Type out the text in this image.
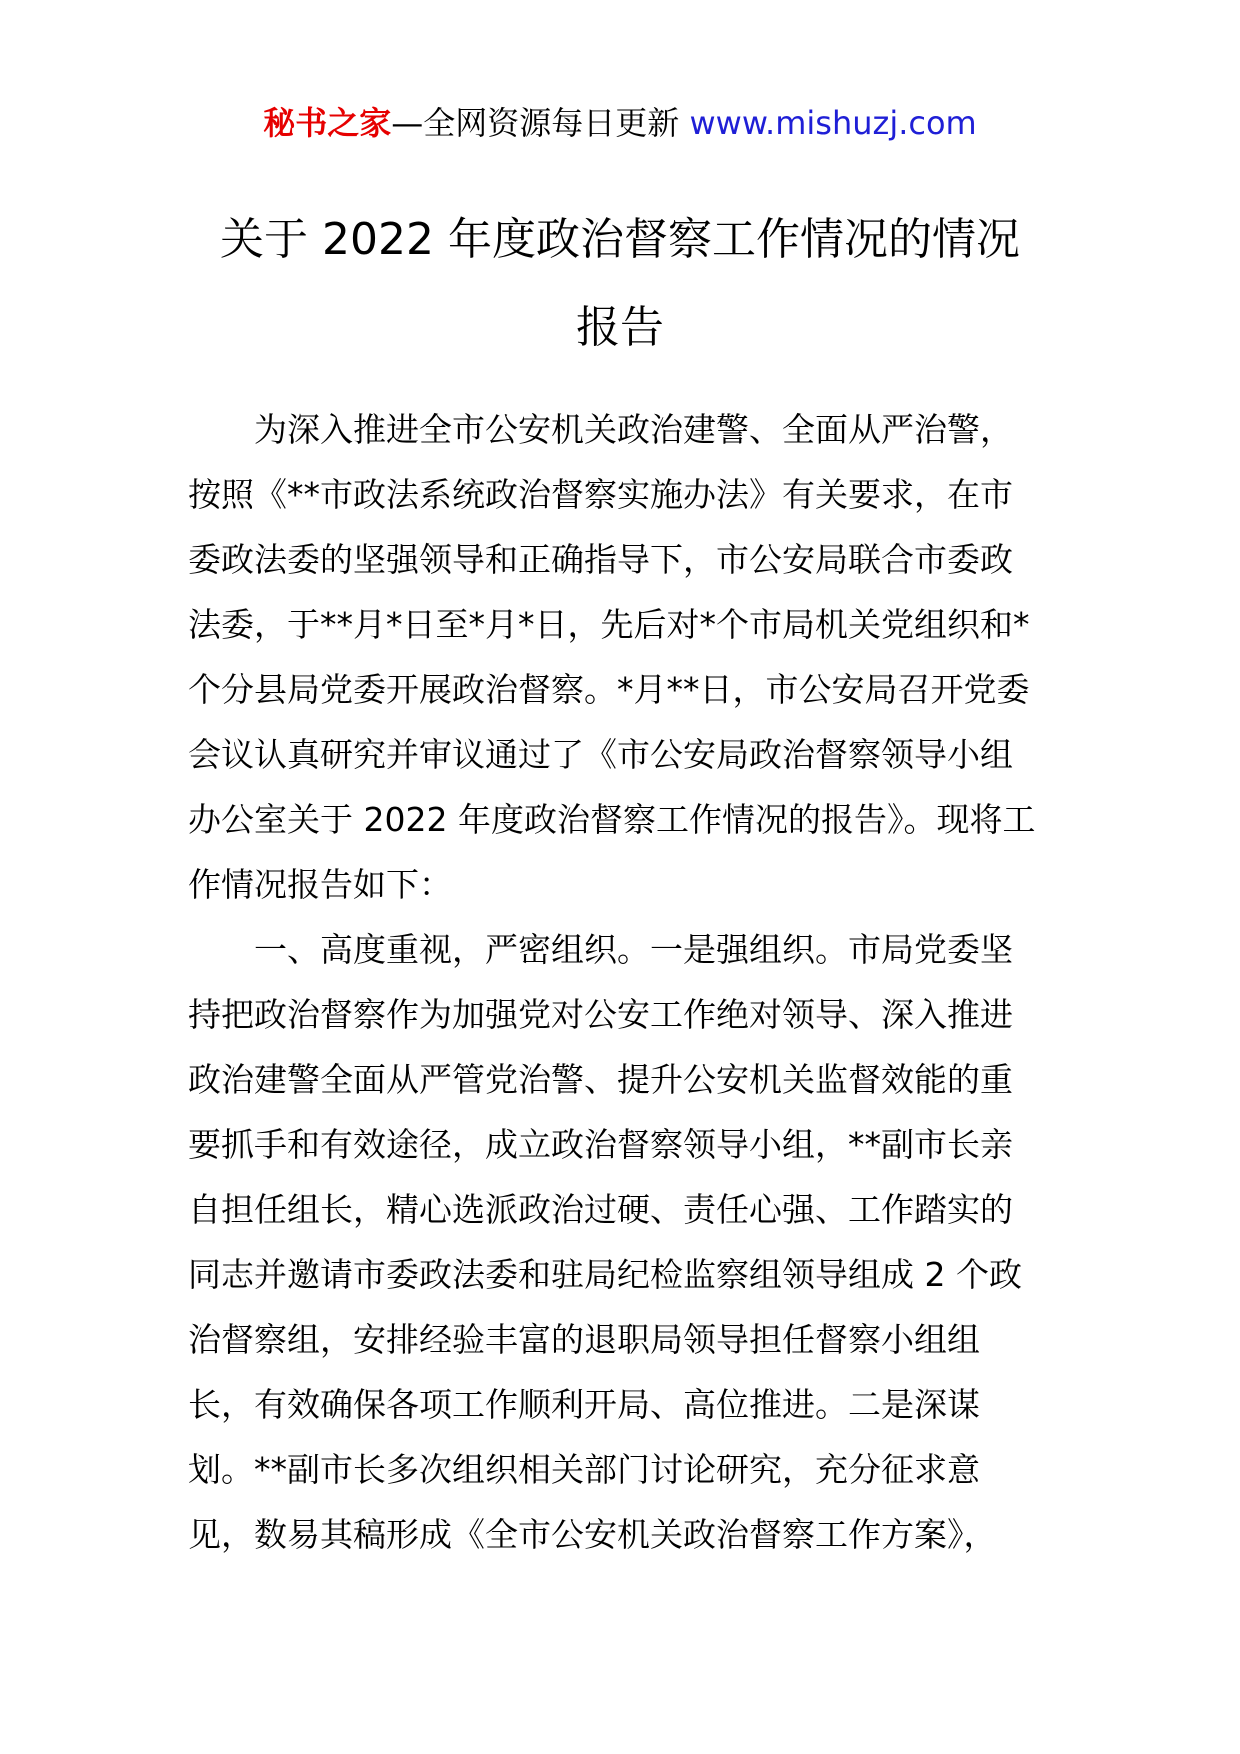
秘书之家—全网资源每日更新 www.mishuzj.com
关于 2022 年度政治督察工作情况的情况
报告
　　为深入推进全市公安机关政治建警、全面从严治警，
按照《**市政法系统政治督察实施办法》有关要求，在市
委政法委的坚强领导和正确指导下，市公安局联合市委政
法委，于**月*日至*月*日，先后对*个市局机关党组织和*
个分县局党委开展政治督察。*月**日，市公安局召开党委
会议认真研究并审议通过了《市公安局政治督察领导小组
办公室关于 2022 年度政治督察工作情况的报告》。现将工
作情况报告如下：
　　一、高度重视，严密组织。一是强组织。市局党委坚
持把政治督察作为加强党对公安工作绝对领导、深入推进
政治建警全面从严管党治警、提升公安机关监督效能的重
要抓手和有效途径，成立政治督察领导小组，**副市长亲
自担任组长，精心选派政治过硬、责任心强、工作踏实的
同志并邀请市委政法委和驻局纪检监察组领导组成 2 个政
治督察组，安排经验丰富的退职局领导担任督察小组组
长，有效确保各项工作顺利开局、高位推进。二是深谋
划。**副市长多次组织相关部门讨论研究，充分征求意
见，数易其稿形成《全市公安机关政治督察工作方案》，
